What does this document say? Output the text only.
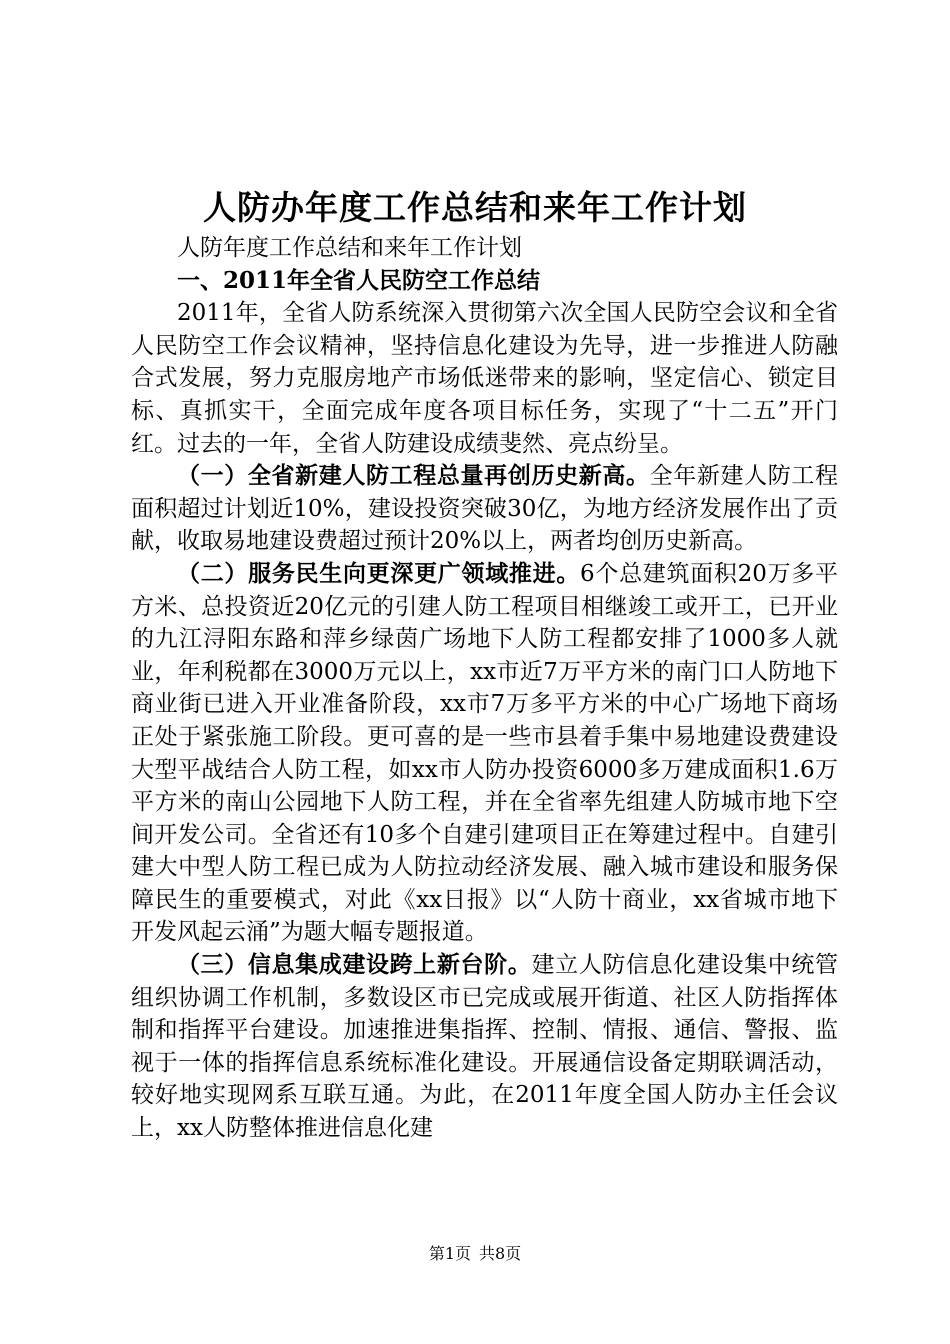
人防办年度工作总结和来年工作计划

人防年度工作总结和来年工作计划

一、2011年全省人民防空工作总结

2011年，全省人防系统深入贯彻第六次全国人民防空会议和全省人民防空工作会议精神，坚持信息化建设为先导，进一步推进人防融合式发展，努力克服房地产市场低迷带来的影响，坚定信心、锁定目标、真抓实干，全面完成年度各项目标任务，实现了“十二五”开门红。过去的一年，全省人防建设成绩斐然、亮点纷呈。

（一）全省新建人防工程总量再创历史新高。全年新建人防工程面积超过计划近10%，建设投资突破30亿，为地方经济发展作出了贡献，收取易地建设费超过预计20%以上，两者均创历史新高。

（二）服务民生向更深更广领域推进。6个总建筑面积20万多平方米、总投资近20亿元的引建人防工程项目相继竣工或开工，已开业的九江浔阳东路和萍乡绿茵广场地下人防工程都安排了1000多人就业，年利税都在3000万元以上，xx市近7万平方米的南门口人防地下商业街已进入开业准备阶段，xx市7万多平方米的中心广场地下商场正处于紧张施工阶段。更可喜的是一些市县着手集中易地建设费建设大型平战结合人防工程，如xx市人防办投资6000多万建成面积1.6万平方米的南山公园地下人防工程，并在全省率先组建人防城市地下空间开发公司。全省还有10多个自建引建项目正在筹建过程中。自建引建大中型人防工程已成为人防拉动经济发展、融入城市建设和服务保障民生的重要模式，对此《xx日报》以“人防十商业，xx省城市地下开发风起云涌”为题大幅专题报道。

（三）信息集成建设跨上新台阶。建立人防信息化建设集中统管组织协调工作机制，多数设区市已完成或展开街道、社区人防指挥体制和指挥平台建设。加速推进集指挥、控制、情报、通信、警报、监视于一体的指挥信息系统标准化建设。开展通信设备定期联调活动，较好地实现网系互联互通。为此，在2011年度全国人防办主任会议上，xx人防整体推进信息化建

第1页 共8页
